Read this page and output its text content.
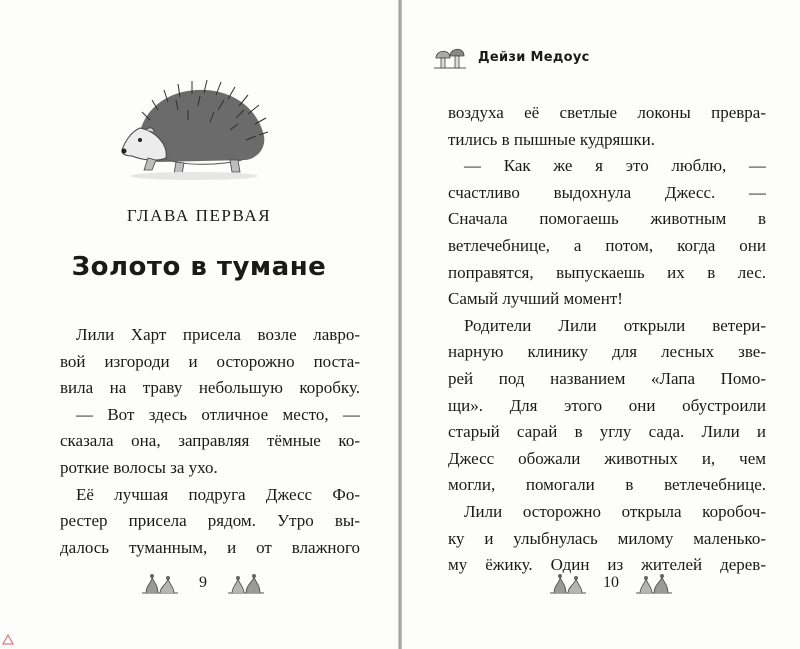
ГЛАВА ПЕРВАЯ
Золото в тумане
Лили Харт присела возле лавро-
вой изгороди и осторожно поста-
вила на траву небольшую коробку.
— Вот здесь отличное место, —
сказала она, заправляя тёмные ко-
роткие волосы за ухо.
Её лучшая подруга Джесс Фо-
рестер присела рядом. Утро вы-
далось туманным, и от влажного
9
Дейзи Медоус
воздуха её светлые локоны превра-
тились в пышные кудряшки.
— Как же я это люблю, —
счастливо выдохнула Джесс. —
Сначала помогаешь животным в
ветлечебнице, а потом, когда они
поправятся, выпускаешь их в лес.
Самый лучший момент!
Родители Лили открыли ветери-
нарную клинику для лесных зве-
рей под названием «Лапа Помо-
щи». Для этого они обустроили
старый сарай в углу сада. Лили и
Джесс обожали животных и, чем
могли, помогали в ветлечебнице.
Лили осторожно открыла коробоч-
ку и улыбнулась милому маленько-
му ёжику. Один из жителей дерев-
10
